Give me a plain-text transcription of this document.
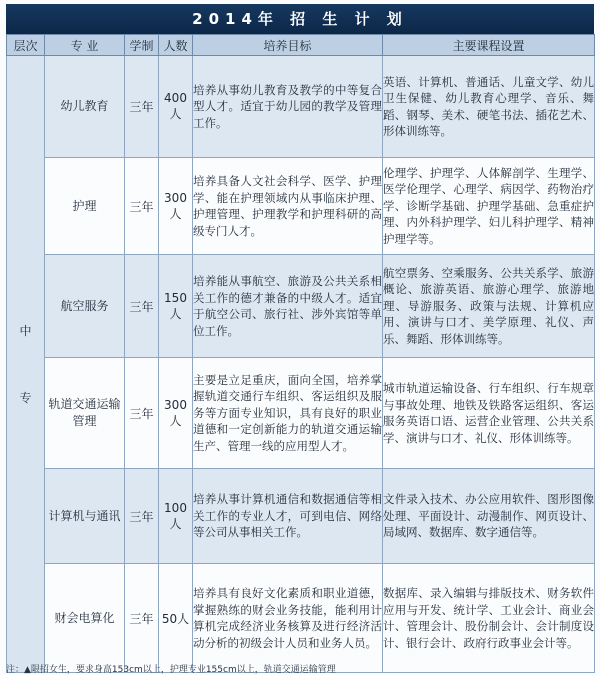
2014年 招 生 计 划
层次	专 业	学制	人数	培养目标	主要课程设置

中
专	幼儿教育	三年	400人	培养从事幼儿教育及教学的中等复合型人才。适宜于幼儿园的教学及管理工作。	英语、计算机、普通话、儿童文学、幼儿卫生保健、幼儿教育心理学、音乐、舞蹈、钢琴、美术、硬笔书法、插花艺术、形体训练等。
	护理	三年	300人	培养具备人文社会科学、医学、护理学、能在护理领域内从事临床护理、护理管理、护理教学和护理科研的高级专门人才。	伦理学、护理学、人体解剖学、生理学、医学伦理学、心理学、病因学、药物治疗学、诊断学基础、护理学基础、急重症护理、内外科护理学、妇儿科护理学、精神护理学等。
	航空服务	三年	150人	培养能从事航空、旅游及公共关系相关工作的德才兼备的中级人才。适宜于航空公司、旅行社、涉外宾馆等单位工作。	航空票务、空乘服务、公共关系学、旅游概论、旅游英语、旅游心理学、旅游地理、导游服务、政策与法规、计算机应用、演讲与口才、美学原理、礼仪、声乐、舞蹈、形体训练等。
	轨道交通运输管理	三年	300人	主要是立足重庆，面向全国，培养掌握轨道交通行车组织、客运组织及服务等方面专业知识，具有良好的职业道德和一定创新能力的轨道交通运输生产、管理一线的应用型人才。	城市轨道运输设备、行车组织、行车规章与事故处理、地铁及铁路客运组织、客运服务英语口语、运营企业管理、公共关系学、演讲与口才、礼仪、形体训练等。
	计算机与通讯	三年	100人	培养从事计算机通信和数据通信等相关工作的专业人才，可到电信、网络等公司从事相关工作。	文件录入技术、办公应用软件、图形图像处理、平面设计、动漫制作、网页设计、局域网、数据库、数字通信等。
	财会电算化	三年	50人	培养具有良好文化素质和职业道德，掌握熟练的财会业务技能，能利用计算机完成经济业务核算及进行经济活动分析的初级会计人员和业务人员。	数据库、录入编辑与排版技术、财务软件应用与开发、统计学、工业会计、商业会计、管理会计、股份制会计、会计制度设计、银行会计、政府行政事业会计等。
注：▲限招女生，要求身高153cm以上，护理专业155cm以上，轨道交通运输管理
